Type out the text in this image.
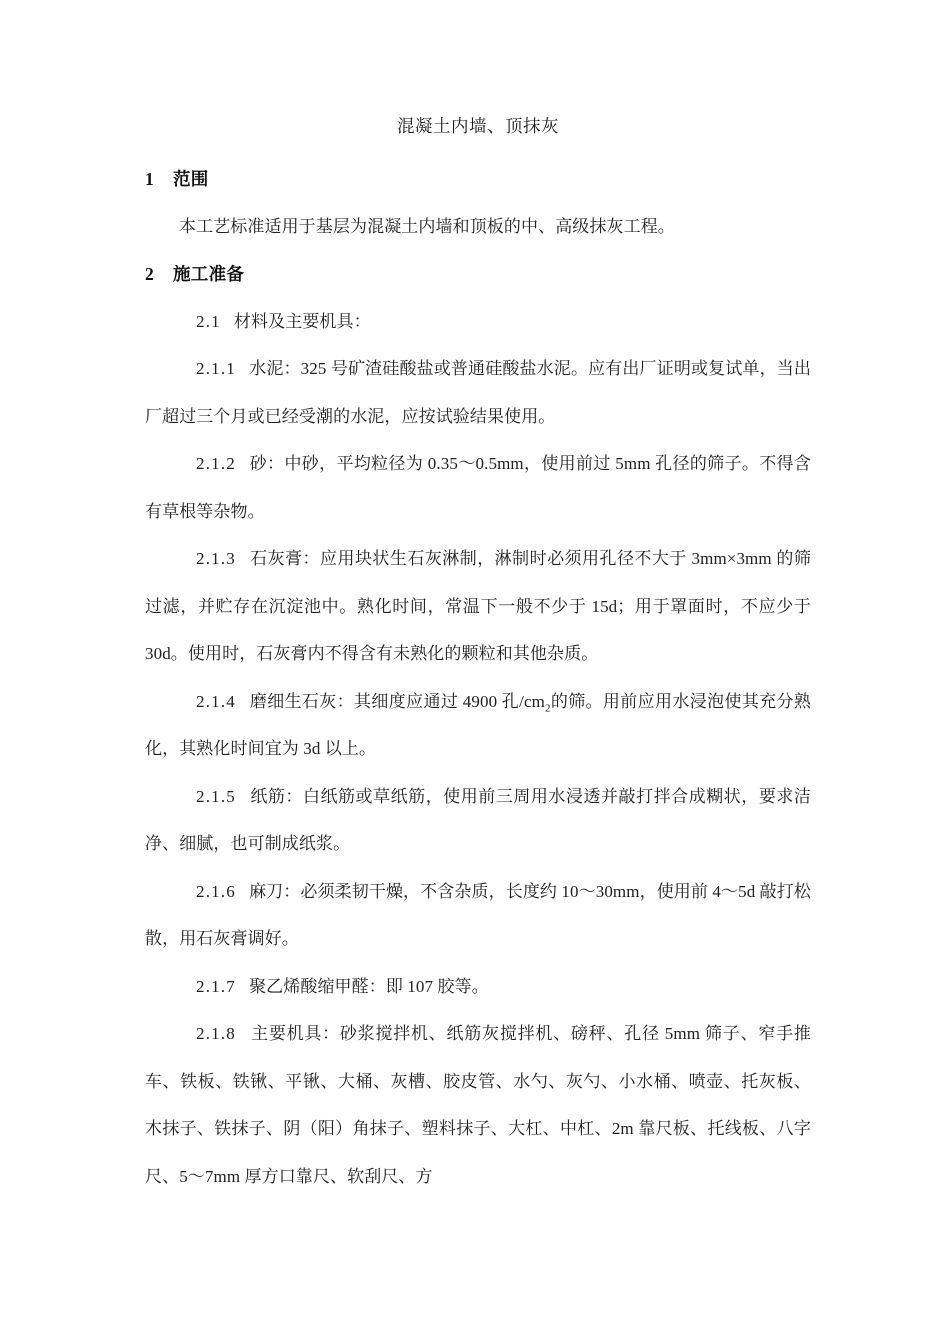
混凝土内墙、顶抹灰
1 范围
本工艺标准适用于基层为混凝土内墙和顶板的中、高级抹灰工程。
2 施工准备
2.1 材料及主要机具：
2.1.1 水泥：325 号矿渣硅酸盐或普通硅酸盐水泥。应有出厂证明或复试单，当出厂超过三个月或已经受潮的水泥，应按试验结果使用。
2.1.2 砂：中砂，平均粒径为 0.35～0.5mm，使用前过 5mm 孔径的筛子。不得含有草根等杂物。
2.1.3 石灰膏：应用块状生石灰淋制，淋制时必须用孔径不大于 3mm×3mm 的筛过滤，并贮存在沉淀池中。熟化时间，常温下一般不少于 15d；用于罩面时，不应少于 30d。使用时，石灰膏内不得含有未熟化的颗粒和其他杂质。
2.1.4 磨细生石灰：其细度应通过 4900 孔$/cm_2$的筛。用前应用水浸泡使其充分熟化，其熟化时间宜为 3d 以上。
2.1.5 纸筋：白纸筋或草纸筋，使用前三周用水浸透并敲打拌合成糊状，要求洁净、细腻，也可制成纸浆。
2.1.6 麻刀：必须柔韧干燥，不含杂质，长度约 10～30mm，使用前 4～5d 敲打松散，用石灰膏调好。
2.1.7 聚乙烯酸缩甲醛：即 107 胶等。
2.1.8 主要机具：砂浆搅拌机、纸筋灰搅拌机、磅秤、孔径 5mm 筛子、窄手推车、铁板、铁锹、平锹、大桶、灰槽、胶皮管、水勺、灰勺、小水桶、喷壶、托灰板、木抹子、铁抹子、阴（阳）角抹子、塑料抹子、大杠、中杠、2m 靠尺板、托线板、八字尺、5～7mm 厚方口靠尺、软刮尺、方
